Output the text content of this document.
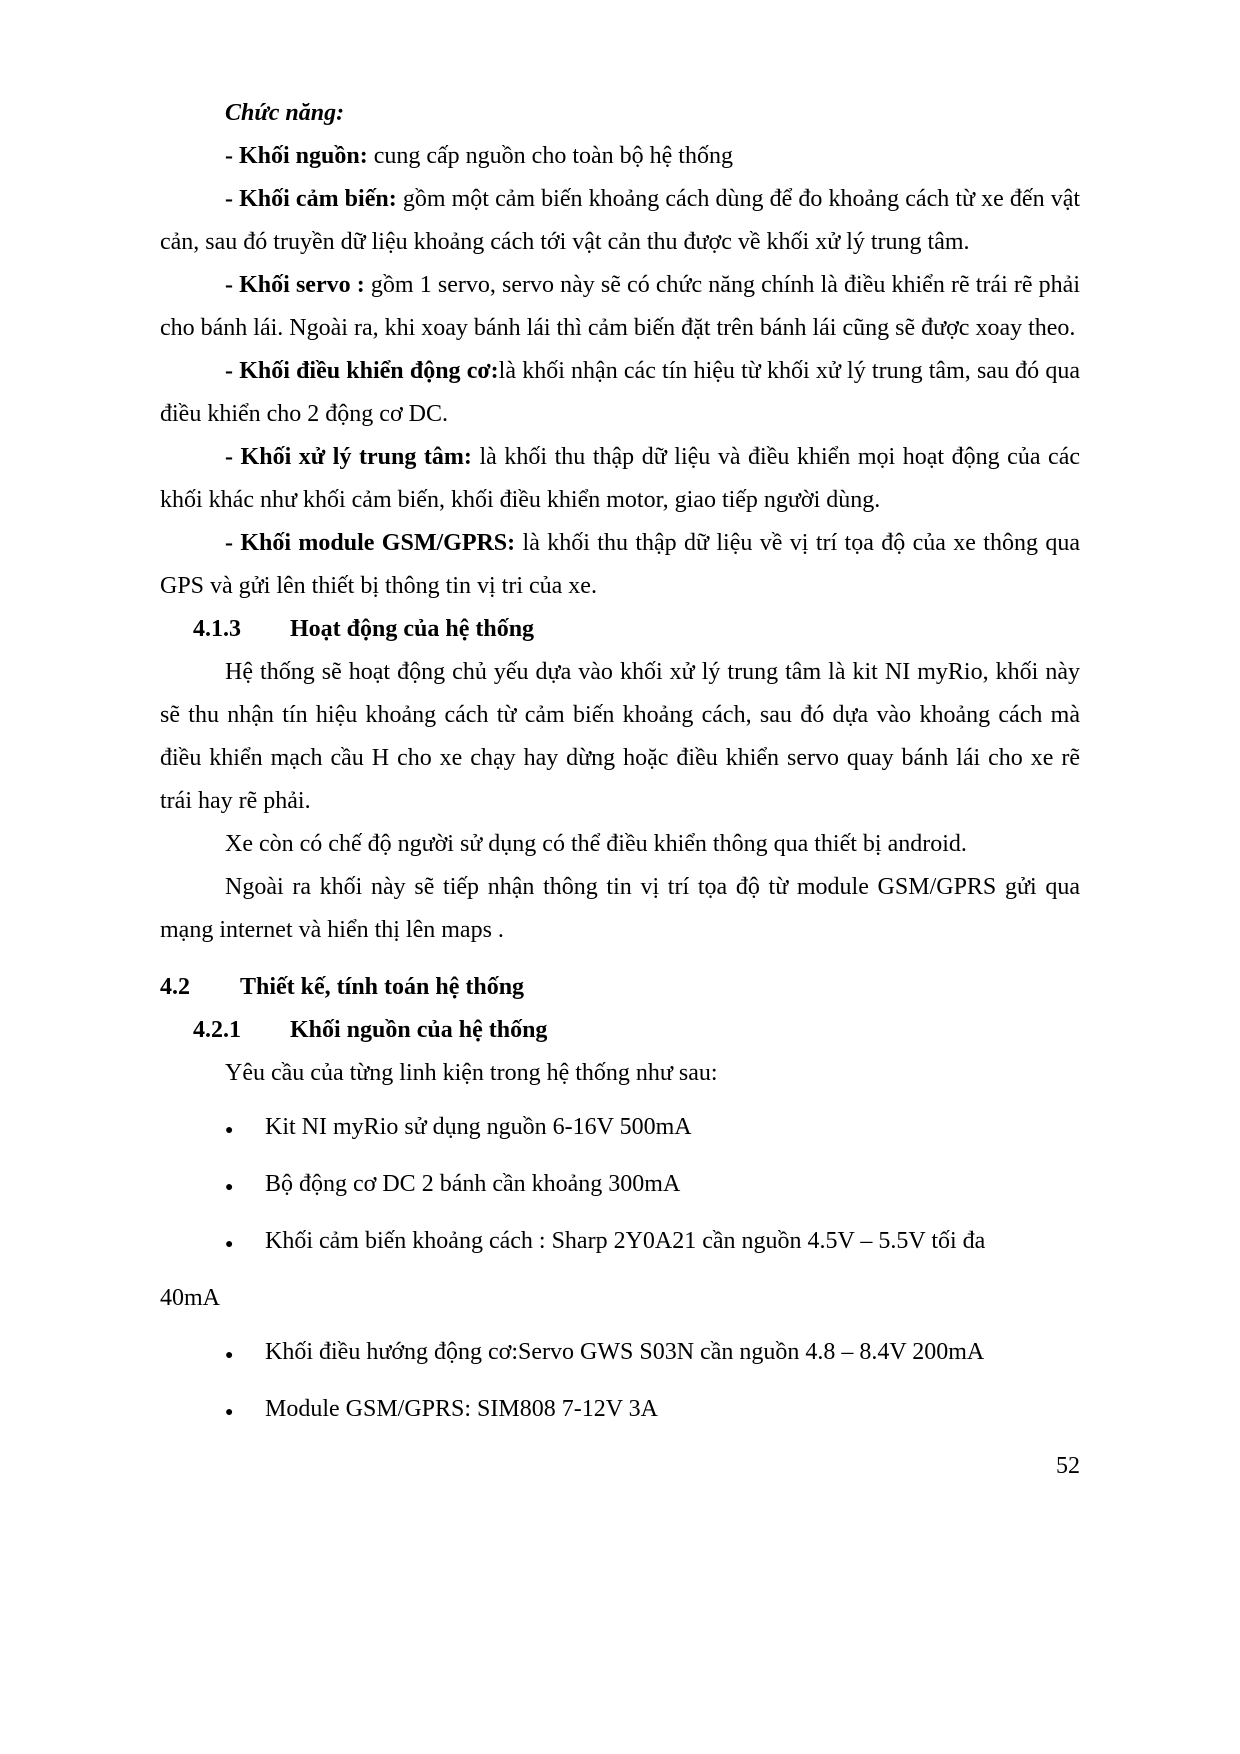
Chức năng:

- Khối nguồn: cung cấp nguồn cho toàn bộ hệ thống

- Khối cảm biến: gồm một cảm biến khoảng cách dùng để đo khoảng cách từ xe đến vật cản, sau đó truyền dữ liệu khoảng cách tới vật cản thu được về khối xử lý trung tâm.

- Khối servo : gồm 1 servo, servo này sẽ có chức năng chính là điều khiển rẽ trái rẽ phải cho bánh lái. Ngoài ra, khi xoay bánh lái thì cảm biến đặt trên bánh lái cũng sẽ được xoay theo.

- Khối điều khiển động cơ:là khối nhận các tín hiệu từ khối xử lý trung tâm, sau đó qua điều khiển cho 2 động cơ DC.

- Khối xử lý trung tâm: là khối thu thập dữ liệu và điều khiển mọi hoạt động của các khối khác như khối cảm biến, khối điều khiển motor, giao tiếp người dùng.

- Khối module GSM/GPRS: là khối thu thập dữ liệu về vị trí tọa độ của xe thông qua GPS và gửi lên thiết bị thông tin vị tri của xe.

4.1.3 Hoạt động của hệ thống

Hệ thống sẽ hoạt động chủ yếu dựa vào khối xử lý trung tâm là kit NI myRio, khối này sẽ thu nhận tín hiệu khoảng cách từ cảm biến khoảng cách, sau đó dựa vào khoảng cách mà điều khiển mạch cầu H cho xe chạy hay dừng hoặc điều khiển servo quay bánh lái cho xe rẽ trái hay rẽ phải.

Xe còn có chế độ người sử dụng có thể điều khiển thông qua thiết bị android.

Ngoài ra khối này sẽ tiếp nhận thông tin vị trí tọa độ từ module GSM/GPRS gửi qua mạng internet và hiển thị lên maps .

4.2 Thiết kế, tính toán hệ thống

4.2.1 Khối nguồn của hệ thống

Yêu cầu của từng linh kiện trong hệ thống như sau:

●
Kit NI myRio sử dụng nguồn 6-16V 500mA
●
Bộ động cơ DC 2 bánh cần khoảng 300mA
●
Khối cảm biến khoảng cách : Sharp 2Y0A21 cần nguồn 4.5V – 5.5V tối đa

40mA

●
Khối điều hướng động cơ:Servo GWS S03N cần nguồn 4.8 – 8.4V 200mA
●
Module GSM/GPRS: SIM808 7-12V 3A
52
